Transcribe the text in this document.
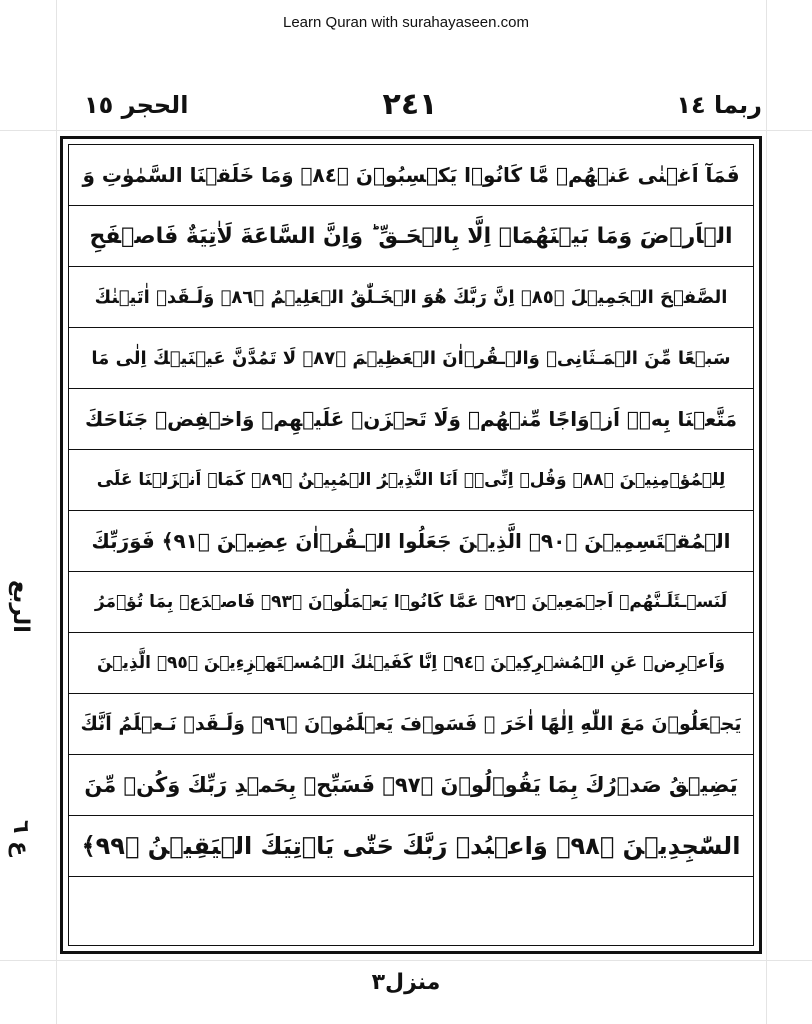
Learn Quran with surahayaseen.com
الحجر ١٥	٢٤١	ربما ١٤
الربع
ع ٦
فَمَآ اَغۡنٰی عَنۡهُمۡ مَّا كَانُوۡا يَكۡسِبُوۡنَ ﴿٨٤﴾ وَمَا خَلَقۡنَا السَّمٰوٰتِ وَ
الۡاَرۡضَ وَمَا بَيۡنَهُمَاۤ اِلَّا بِالۡحَـقِّ ؕ وَاِنَّ السَّاعَةَ لَاٰتِيَةٌ فَاصۡفَحِ
الصَّفۡحَ الۡجَمِيۡلَ ﴿٨٥﴾ اِنَّ رَبَّكَ هُوَ الۡخَـلّٰقُ الۡعَلِيۡمُ ﴿٨٦﴾ وَلَـقَدۡ اٰتَيۡنٰكَ
سَبۡعًا مِّنَ الۡمَـثَانِىۡ وَالۡـقُرۡاٰنَ الۡعَظِيۡمَ ﴿٨٧﴾ لَا تَمُدَّنَّ عَيۡنَيۡكَ اِلٰى مَا
مَتَّعۡنَا بِهٖۤ اَزۡوَاجًا مِّنۡهُمۡ وَلَا تَحۡزَنۡ عَلَيۡهِمۡ وَاخۡفِضۡ جَنَاحَكَ
لِلۡمُؤۡمِنِيۡنَ ﴿٨٨﴾ وَقُلۡ اِنِّىۡۤ اَنَا النَّذِيۡرُ الۡمُبِيۡنُ ﴿٨٩﴾ كَمَاۤ اَنۡزَلۡنَا عَلَى
الۡمُقۡتَسِمِيۡنَ ﴿٩٠﴾ الَّذِيۡنَ جَعَلُوا الۡـقُرۡاٰنَ عِضِيۡنَ ﴿٩١﴾ فَوَرَبِّكَ
لَنَسۡـئَلَـنَّهُمۡ اَجۡمَعِيۡنَ ﴿٩٢﴾ عَمَّا كَانُوۡا يَعۡمَلُوۡنَ ﴿٩٣﴾ فَاصۡدَعۡ بِمَا تُؤۡمَرُ
وَاَعۡرِضۡ عَنِ الۡمُشۡرِكِيۡنَ ﴿٩٤﴾ اِنَّا كَفَيۡنٰكَ الۡمُسۡتَهۡزِءِيۡنَ ﴿٩٥﴾ الَّذِيۡنَ
يَجۡعَلُوۡنَ مَعَ اللّٰهِ اِلٰهًا اٰخَرَ ۚ فَسَوۡفَ يَعۡلَمُوۡنَ ﴿٩٦﴾ وَلَـقَدۡ نَـعۡلَمُ اَنَّكَ
يَضِيۡقُ صَدۡرُكَ بِمَا يَقُوۡلُوۡنَ ﴿٩٧﴾ فَسَبِّحۡ بِحَمۡدِ رَبِّكَ وَكُنۡ مِّنَ
السّٰجِدِيۡنَ ﴿٩٨﴾ وَاعۡبُدۡ رَبَّكَ حَتّٰى يَاۡتِيَكَ الۡيَقِيۡنُ ﴿٩٩﴾
منزل٣
